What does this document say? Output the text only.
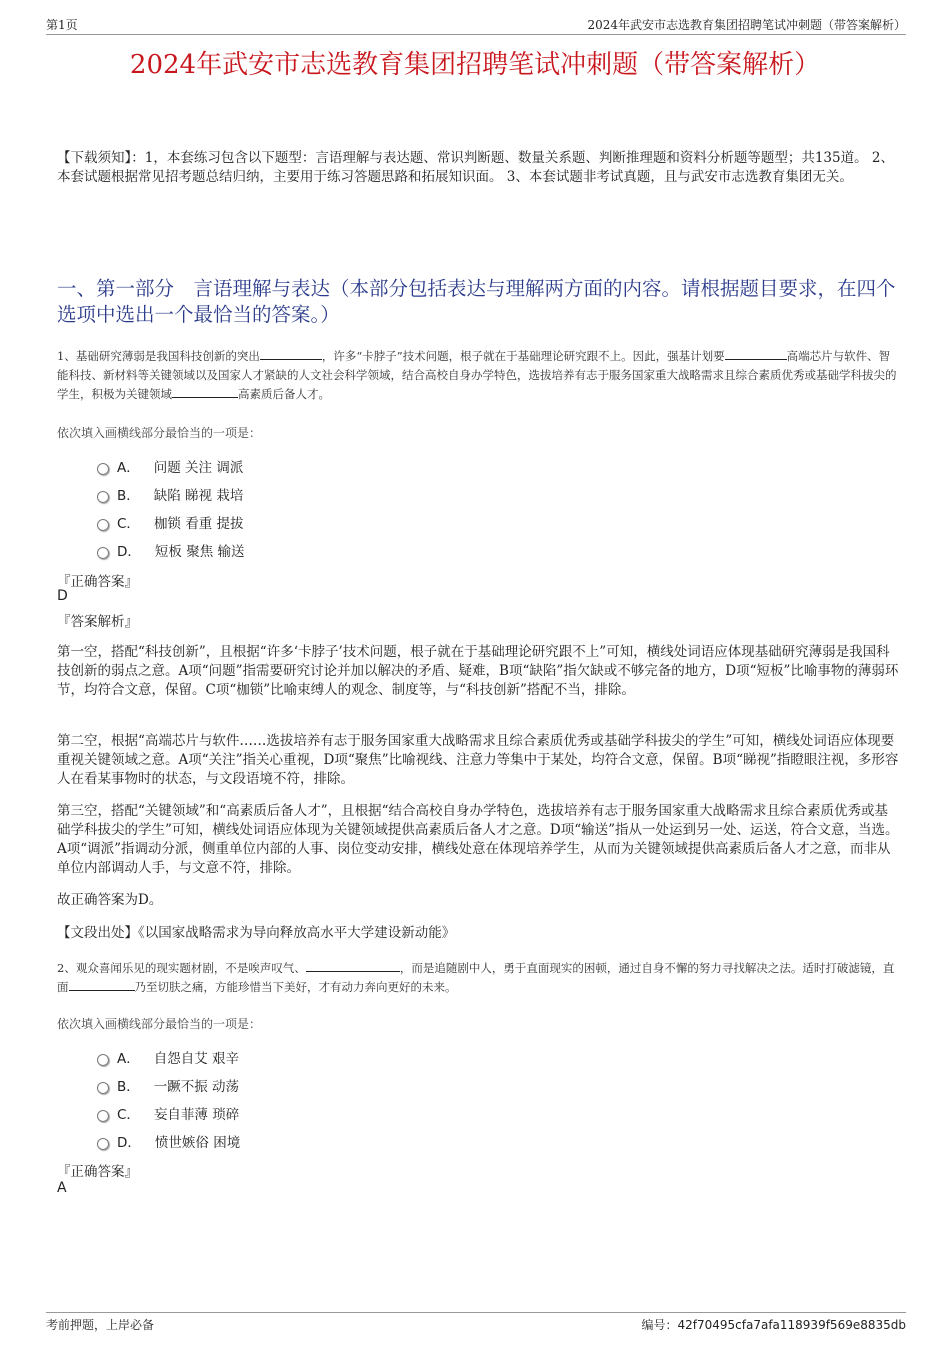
第1页	2024年武安市志选教育集团招聘笔试冲刺题（带答案解析）
2024年武安市志选教育集团招聘笔试冲刺题（带答案解析）
【下载须知】：1，本套练习包含以下题型：言语理解与表达题、常识判断题、数量关系题、判断推理题和资料分析题等题型；共135道。 2、本套试题根据常见招考题总结归纳，主要用于练习答题思路和拓展知识面。 3、本套试题非考试真题，且与武安市志选教育集团无关。
一、第一部分　言语理解与表达（本部分包括表达与理解两方面的内容。请根据题目要求，在四个选项中选出一个最恰当的答案。）
1、基础研究薄弱是我国科技创新的突出	，许多“卡脖子”技术问题，根子就在于基础理论研究跟不上。因此，强基计划要	高端芯片与软件、智能科技、新材料等关键领域以及国家人才紧缺的人文社会科学领域，结合高校自身办学特色，选拔培养有志于服务国家重大战略需求且综合素质优秀或基础学科拔尖的学生，积极为关键领域	高素质后备人才。
依次填入画横线部分最恰当的一项是：
A． 问题 关注 调派
B． 缺陷 睇视 栽培
C． 枷锁 看重 提拔
D． 短板 聚焦 输送
『正确答案』
D
『答案解析』
第一空，搭配“科技创新”，且根据“许多‘卡脖子’技术问题，根子就在于基础理论研究跟不上”可知，横线处词语应体现基础研究薄弱是我国科技创新的弱点之意。A项“问题”指需要研究讨论并加以解决的矛盾、疑难，B项“缺陷”指欠缺或不够完备的地方，D项“短板”比喻事物的薄弱环节，均符合文意，保留。C项“枷锁”比喻束缚人的观念、制度等，与“科技创新”搭配不当，排除。
第二空，根据“高端芯片与软件……选拔培养有志于服务国家重大战略需求且综合素质优秀或基础学科拔尖的学生”可知，横线处词语应体现要重视关键领域之意。A项“关注”指关心重视，D项“聚焦”比喻视线、注意力等集中于某处，均符合文意，保留。B项“睇视”指瞪眼注视，多形容人在看某事物时的状态，与文段语境不符，排除。
第三空，搭配“关键领域”和“高素质后备人才”，且根据“结合高校自身办学特色，选拔培养有志于服务国家重大战略需求且综合素质优秀或基础学科拔尖的学生”可知，横线处词语应体现为关键领域提供高素质后备人才之意。D项“输送”指从一处运到另一处、运送，符合文意，当选。A项“调派”指调动分派，侧重单位内部的人事、岗位变动安排，横线处意在体现培养学生，从而为关键领域提供高素质后备人才之意，而非从单位内部调动人手，与文意不符，排除。
故正确答案为D。
【文段出处】《以国家战略需求为导向释放高水平大学建设新动能》
2、观众喜闻乐见的现实题材剧，不是唉声叹气、	，而是追随剧中人，勇于直面现实的困顿，通过自身不懈的努力寻找解决之法。适时打破滤镜，直面	乃至切肤之痛，方能珍惜当下美好，才有动力奔向更好的未来。
依次填入画横线部分最恰当的一项是：
A． 自怨自艾 艰辛
B． 一蹶不振 动荡
C． 妄自菲薄 琐碎
D． 愤世嫉俗 困境
『正确答案』
A
考前押题，上岸必备	编号：42f70495cfa7afa118939f569e8835db
